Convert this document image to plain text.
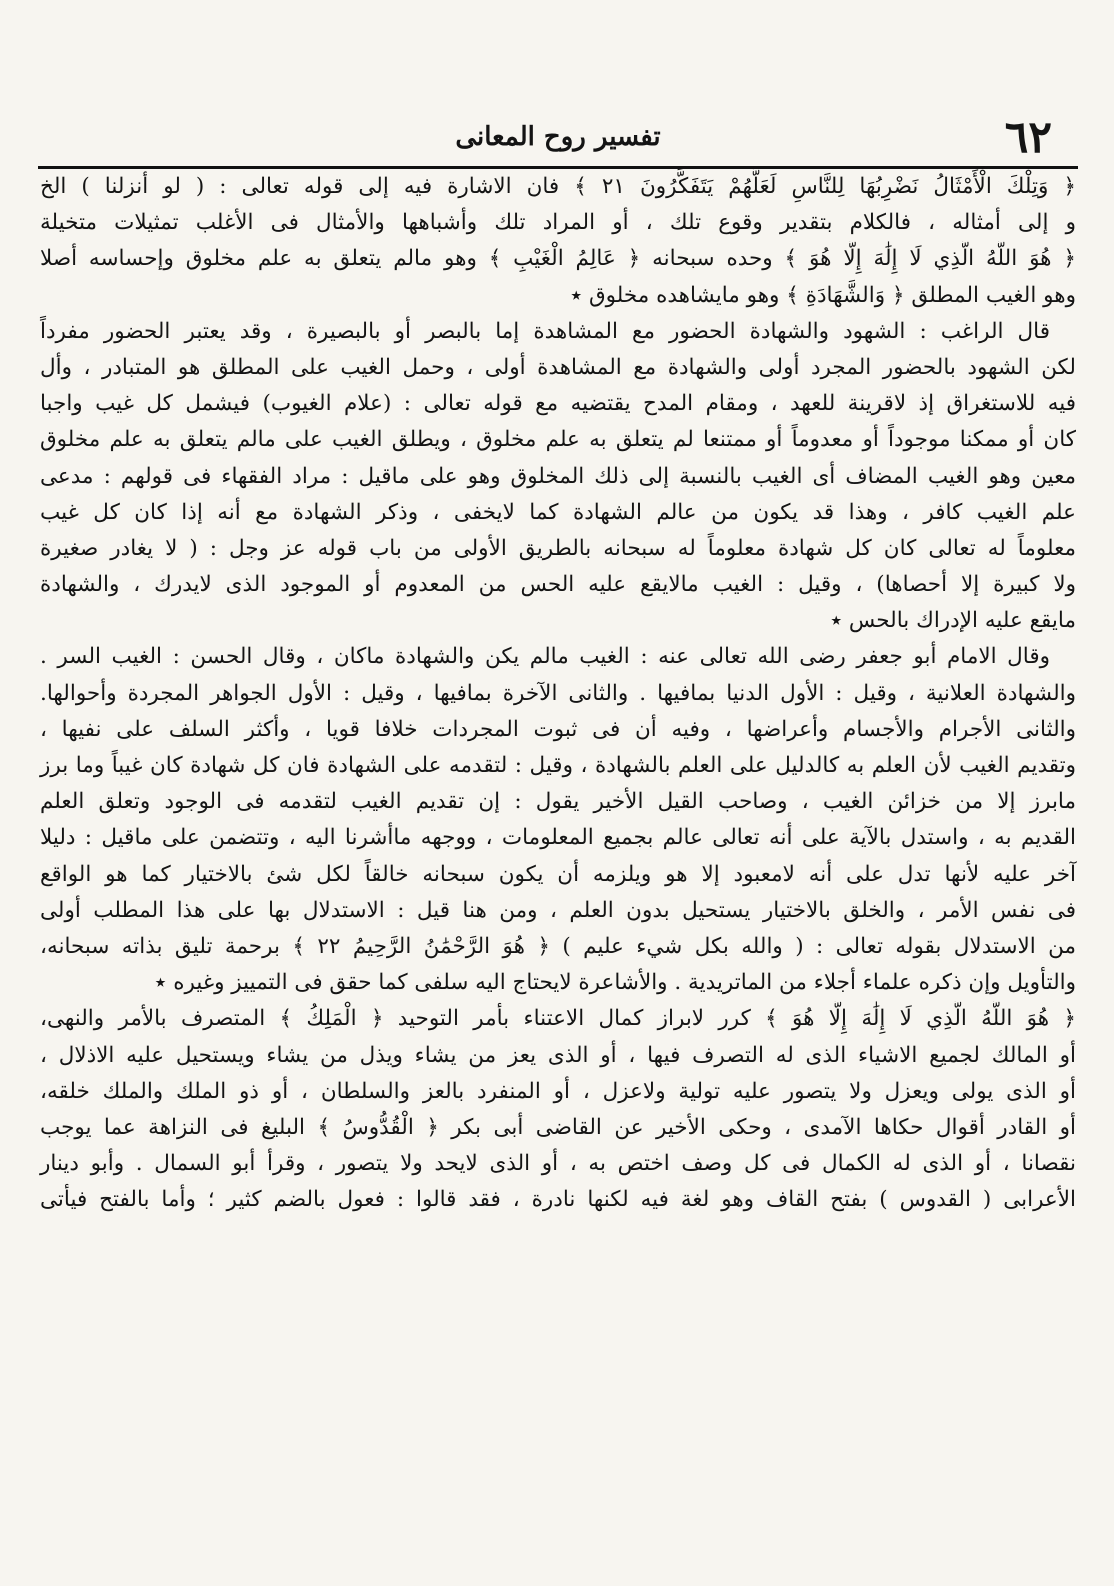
٦٢
تفسير روح المعانى
﴿ وَتِلْكَ الْأَمْثَالُ نَضْرِبُهَا لِلنَّاسِ لَعَلَّهُمْ يَتَفَكَّرُونَ ٢١ ﴾ فان الاشارة فيه إلى قوله تعالى : ( لو أنزلنا ) الخ
و إلى أمثاله ، فالكلام بتقدير وقوع تلك ، أو المراد تلك وأشباهها والأمثال فى الأغلب تمثيلات متخيلة
﴿ هُوَ اللَّهُ الَّذِي لَا إِلَٰهَ إِلَّا هُوَ ﴾ وحده سبحانه ﴿ عَالِمُ الْغَيْبِ ﴾ وهو مالم يتعلق به علم مخلوق وإحساسه أصلا
وهو الغيب المطلق ﴿ وَالشَّهَادَةِ ﴾ وهو مايشاهده مخلوق ٭
قال الراغب : الشهود والشهادة الحضور مع المشاهدة إما بالبصر أو بالبصيرة ، وقد يعتبر الحضور مفرداً
لكن الشهود بالحضور المجرد أولى والشهادة مع المشاهدة أولى ، وحمل الغيب على المطلق هو المتبادر ، وأل
فيه للاستغراق إذ لاقرينة للعهد ، ومقام المدح يقتضيه مع قوله تعالى : (علام الغيوب) فيشمل كل غيب واجبا
كان أو ممكنا موجوداً أو معدوماً أو ممتنعا لم يتعلق به علم مخلوق ، ويطلق الغيب على مالم يتعلق به علم مخلوق
معين وهو الغيب المضاف أى الغيب بالنسبة إلى ذلك المخلوق وهو على ماقيل : مراد الفقهاء فى قولهم : مدعى
علم الغيب كافر ، وهذا قد يكون من عالم الشهادة كما لايخفى ، وذكر الشهادة مع أنه إذا كان كل غيب
معلوماً له تعالى كان كل شهادة معلوماً له سبحانه بالطريق الأولى من باب قوله عز وجل : ( لا يغادر صغيرة
ولا كبيرة إلا أحصاها) ، وقيل : الغيب مالايقع عليه الحس من المعدوم أو الموجود الذى لايدرك ، والشهادة
مايقع عليه الإدراك بالحس ٭
وقال الامام أبو جعفر رضى الله تعالى عنه : الغيب مالم يكن والشهادة ماكان ، وقال الحسن : الغيب السر .
والشهادة العلانية ، وقيل : الأول الدنيا بمافيها . والثانى الآخرة بمافيها ، وقيل : الأول الجواهر المجردة وأحوالها.
والثانى الأجرام والأجسام وأعراضها ، وفيه أن فى ثبوت المجردات خلافا قويا ، وأكثر السلف على نفيها ،
وتقديم الغيب لأن العلم به كالدليل على العلم بالشهادة ، وقيل : لتقدمه على الشهادة فان كل شهادة كان غيباً وما برز
مابرز إلا من خزائن الغيب ، وصاحب القيل الأخير يقول : إن تقديم الغيب لتقدمه فى الوجود وتعلق العلم
القديم به ، واستدل بالآية على أنه تعالى عالم بجميع المعلومات ، ووجهه ماأشرنا اليه ، وتتضمن على ماقيل : دليلا
آخر عليه لأنها تدل على أنه لامعبود إلا هو ويلزمه أن يكون سبحانه خالقاً لكل شئ بالاختيار كما هو الواقع
فى نفس الأمر ، والخلق بالاختيار يستحيل بدون العلم ، ومن هنا قيل : الاستدلال بها على هذا المطلب أولى
من الاستدلال بقوله تعالى : ( والله بكل شيء عليم ) ﴿ هُوَ الرَّحْمَٰنُ الرَّحِيمُ ٢٢ ﴾ برحمة تليق بذاته سبحانه،
والتأويل وإن ذكره علماء أجلاء من الماتريدية . والأشاعرة لايحتاج اليه سلفى كما حقق فى التمييز وغيره ٭
﴿ هُوَ اللَّهُ الَّذِي لَا إِلَٰهَ إِلَّا هُوَ ﴾ كرر لابراز كمال الاعتناء بأمر التوحيد ﴿ الْمَلِكُ ﴾ المتصرف بالأمر والنهى،
أو المالك لجميع الاشياء الذى له التصرف فيها ، أو الذى يعز من يشاء ويذل من يشاء ويستحيل عليه الاذلال ،
أو الذى يولى ويعزل ولا يتصور عليه تولية ولاعزل ، أو المنفرد بالعز والسلطان ، أو ذو الملك والملك خلقه،
أو القادر أقوال حكاها الآمدى ، وحكى الأخير عن القاضى أبى بكر ﴿ الْقُدُّوسُ ﴾ البليغ فى النزاهة عما يوجب
نقصانا ، أو الذى له الكمال فى كل وصف اختص به ، أو الذى لايحد ولا يتصور ، وقرأ أبو السمال . وأبو دينار
الأعرابى ( القدوس ) بفتح القاف وهو لغة فيه لكنها نادرة ، فقد قالوا : فعول بالضم كثير ؛ وأما بالفتح فيأتى
